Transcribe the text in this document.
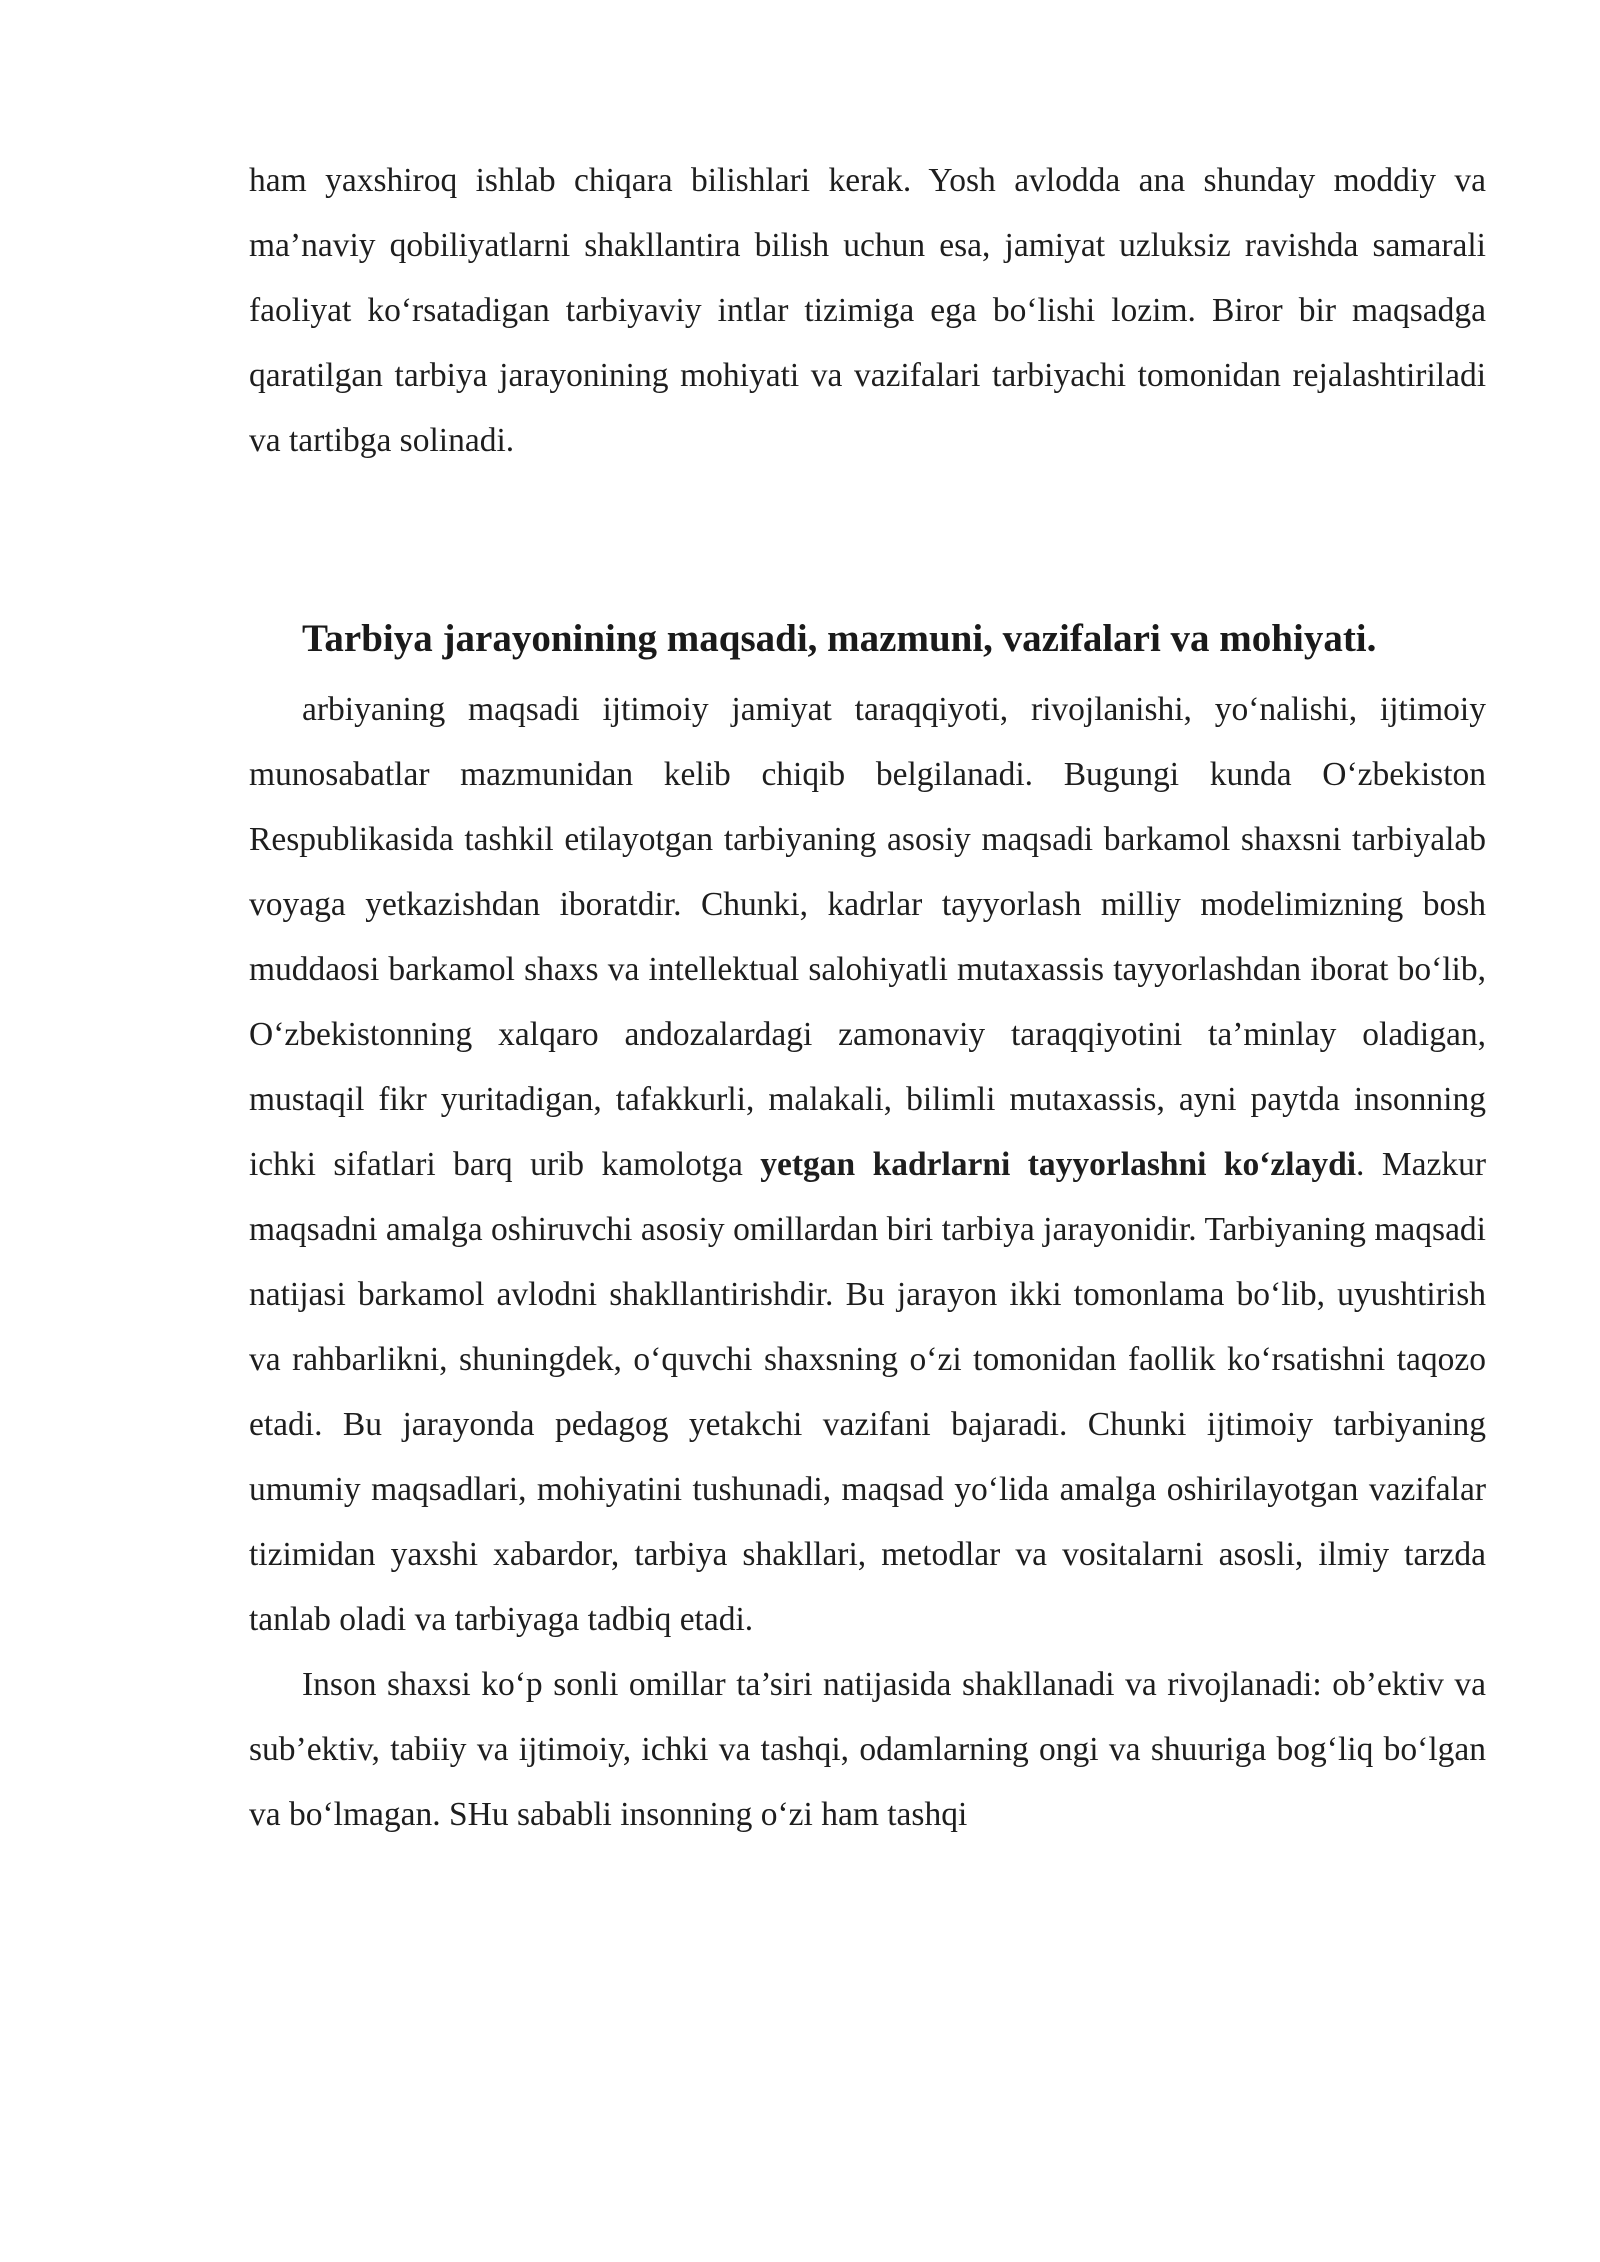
ham yaxshiroq ishlab chiqara bilishlari kerak. Yosh avlodda ana shunday moddiy va ma’naviy qobiliyatlarni shakllantira bilish uchun esa, jamiyat uzluksiz ravishda samarali faoliyat ko‘rsatadigan tarbiyaviy intlar tizimiga ega bo‘lishi lozim. Biror bir maqsadga qaratilgan tarbiya jarayonining mohiyati va vazifalari tarbiyachi tomonidan rejalashtiriladi va tartibga solinadi.

Tarbiya jarayonining maqsadi, mazmuni, vazifalari va mohiyati.

arbiyaning maqsadi ijtimoiy jamiyat taraqqiyoti, rivojlanishi, yo‘nalishi, ijtimoiy munosabatlar mazmunidan kelib chiqib belgilanadi. Bugungi kunda O‘zbekiston Respublikasida tashkil etilayotgan tarbiyaning asosiy maqsadi barkamol shaxsni tarbiyalab voyaga yetkazishdan iboratdir. Chunki, kadrlar tayyorlash milliy modelimizning bosh muddaosi barkamol shaxs va intellektual salohiyatli mutaxassis tayyorlashdan iborat bo‘lib, O‘zbekistonning xalqaro andozalardagi zamonaviy taraqqiyotini ta’minlay oladigan, mustaqil fikr yuritadigan, tafakkurli, malakali, bilimli mutaxassis, ayni paytda insonning ichki sifatlari barq urib kamolotga yetgan kadrlarni tayyorlashni ko‘zlaydi. Mazkur maqsadni amalga oshiruvchi asosiy omillardan biri tarbiya jarayonidir. Tarbiyaning maqsadi natijasi barkamol avlodni shakllantirishdir. Bu jarayon ikki tomonlama bo‘lib, uyushtirish va rahbarlikni, shuningdek, o‘quvchi shaxsning o‘zi tomonidan faollik ko‘rsatishni taqozo etadi. Bu jarayonda pedagog yetakchi vazifani bajaradi. Chunki ijtimoiy tarbiyaning umumiy maqsadlari, mohiyatini tushunadi, maqsad yo‘lida amalga oshirilayotgan vazifalar tizimidan yaxshi xabardor, tarbiya shakllari, metodlar va vositalarni asosli, ilmiy tarzda tanlab oladi va tarbiyaga tadbiq etadi.

Inson shaxsi ko‘p sonli omillar ta’siri natijasida shakllanadi va rivojlanadi: ob’ektiv va sub’ektiv, tabiiy va ijtimoiy, ichki va tashqi, odamlarning ongi va shuuriga bog‘liq bo‘lgan va bo‘lmagan. SHu sababli insonning o‘zi ham tashqi
